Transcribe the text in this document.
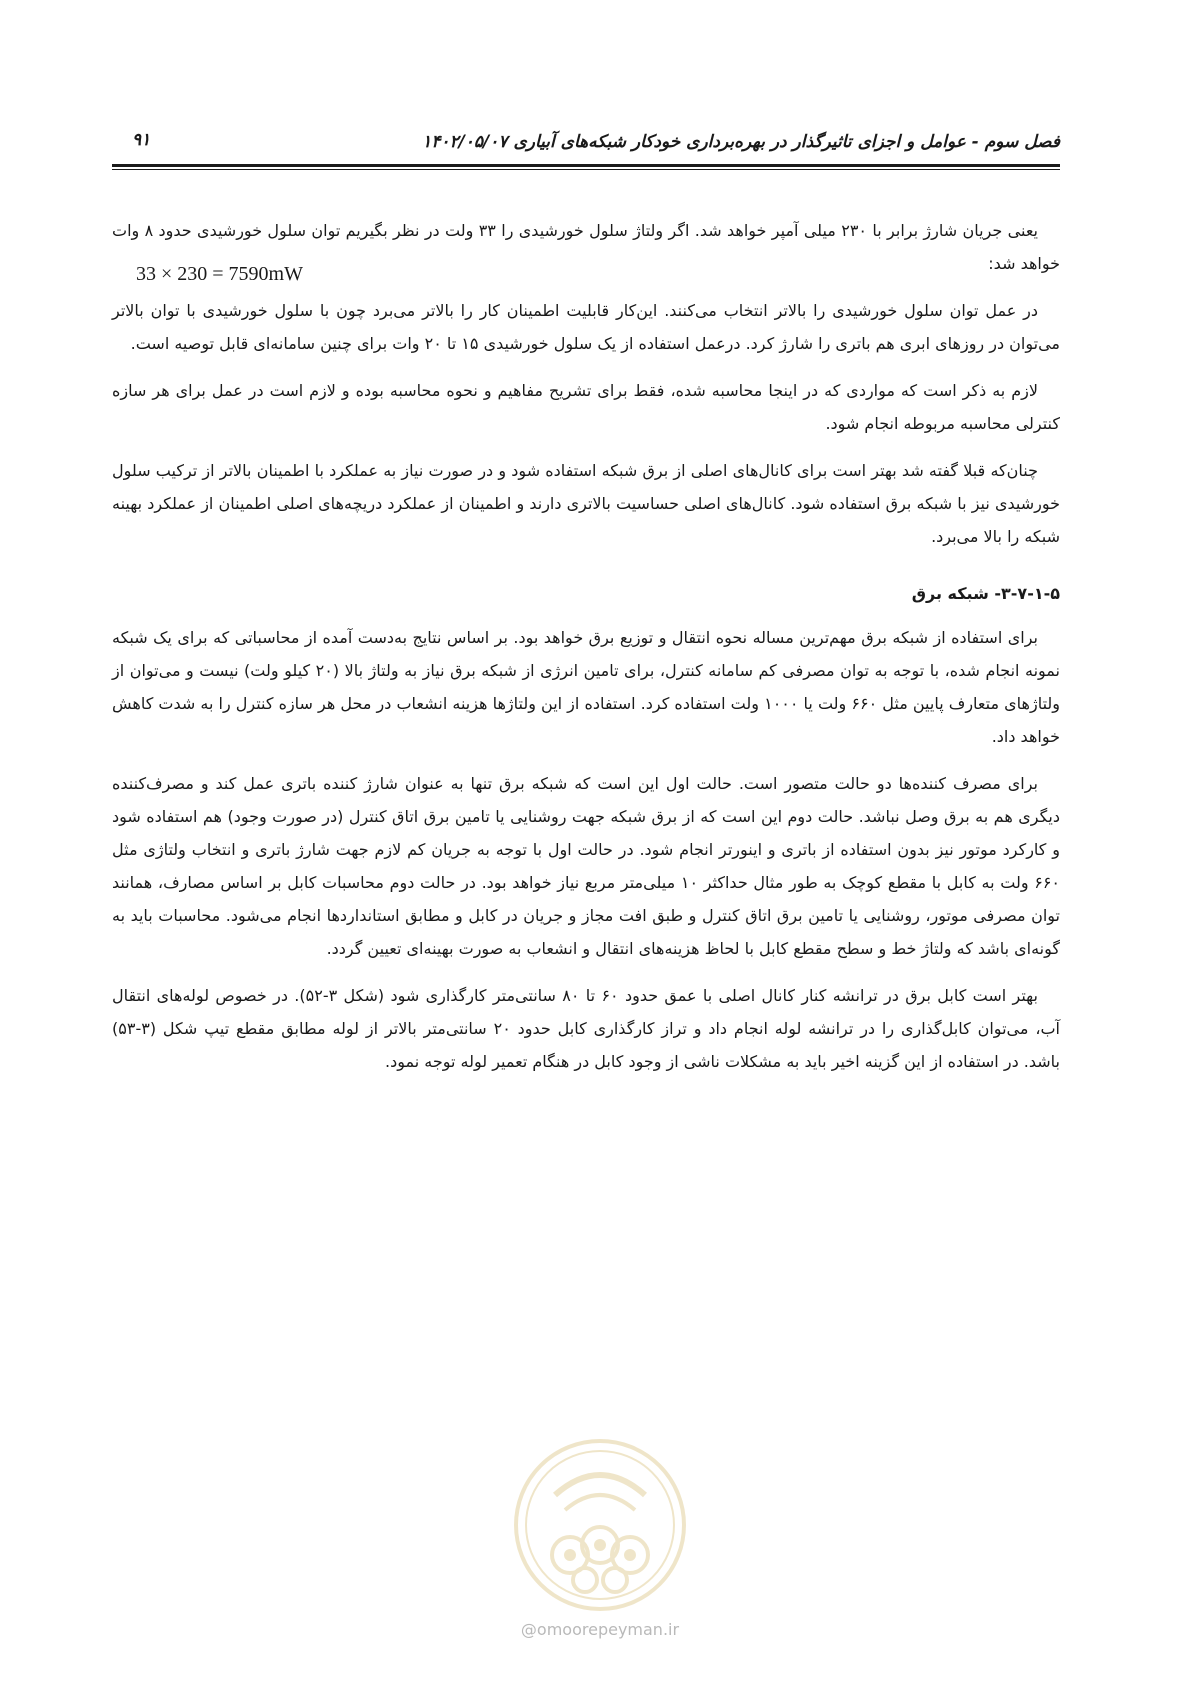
فصل سوم - عوامل و اجزای تاثیرگذار در بهره‌برداری خودکار شبکه‌های آبیاری ۱۴۰۲/۰۵/۰۷
۹۱
یعنی جریان شارژ برابر با ۲۳۰ میلی آمپر خواهد شد. اگر ولتاژ سلول خورشیدی را ۳۳ ولت در نظر بگیریم توان سلول خورشیدی حدود ۸ وات خواهد شد:
33 × 230 = 7590mW

در عمل توان سلول خورشیدی را بالاتر انتخاب می‌کنند. این‌کار قابلیت اطمینان کار را بالاتر می‌برد چون با سلول خورشیدی با توان بالاتر می‌توان در روزهای ابری هم باتری را شارژ کرد. درعمل استفاده از یک سلول خورشیدی ۱۵ تا ۲۰ وات برای چنین سامانه‌ای قابل توصیه است.

لازم به ذکر است که مواردی که در اینجا محاسبه شده، فقط برای تشریح مفاهیم و نحوه محاسبه بوده و لازم است در عمل برای هر سازه کنترلی محاسبه مربوطه انجام شود.

چنان‌که قبلا گفته شد بهتر است برای کانال‌های اصلی از برق شبکه استفاده شود و در صورت نیاز به عملکرد با اطمینان بالاتر از ترکیب سلول خورشیدی نیز با شبکه برق استفاده شود. کانال‌های اصلی حساسیت بالاتری دارند و اطمینان از عملکرد دریچه‌های اصلی اطمینان از عملکرد بهینه شبکه را بالا می‌برد.

۳-۷-۱-۵- شبکه برق

برای استفاده از شبکه برق مهم‌ترین مساله نحوه انتقال و توزیع برق خواهد بود. بر اساس نتایج به‌دست آمده از محاسباتی که برای یک شبکه نمونه انجام شده، با توجه به توان مصرفی کم سامانه کنترل، برای تامین انرژی از شبکه برق نیاز به ولتاژ بالا (۲۰ کیلو ولت) نیست و می‌توان از ولتاژهای متعارف پایین مثل ۶۶۰ ولت یا ۱۰۰۰ ولت استفاده کرد. استفاده از این ولتاژها هزینه انشعاب در محل هر سازه کنترل را به شدت کاهش خواهد داد.

برای مصرف کننده‌ها دو حالت متصور است. حالت اول این است که شبکه برق تنها به عنوان شارژ کننده باتری عمل کند و مصرف‌کننده دیگری هم به برق وصل نباشد. حالت دوم این است که از برق شبکه جهت روشنایی یا تامین برق اتاق کنترل (در صورت وجود) هم استفاده شود و کارکرد موتور نیز بدون استفاده از باتری و اینورتر انجام شود. در حالت اول با توجه به جریان کم لازم جهت شارژ باتری و انتخاب ولتاژی مثل ۶۶۰ ولت به کابل با مقطع کوچک به طور مثال حداکثر ۱۰ میلی‌متر مربع نیاز خواهد بود. در حالت دوم محاسبات کابل بر اساس مصارف، همانند توان مصرفی موتور، روشنایی یا تامین برق اتاق کنترل و طبق افت مجاز و جریان در کابل و مطابق استانداردها انجام می‌شود. محاسبات باید به گونه‌ای باشد که ولتاژ خط و سطح مقطع کابل با لحاظ هزینه‌های انتقال و انشعاب به صورت بهینه‌ای تعیین گردد.

بهتر است کابل برق در ترانشه کنار کانال اصلی با عمق حدود ۶۰ تا ۸۰ سانتی‌متر کارگذاری شود (شکل ۳-۵۲). در خصوص لوله‌های انتقال آب، می‌توان کابل‌گذاری را در ترانشه لوله انجام داد و تراز کارگذاری کابل حدود ۲۰ سانتی‌متر بالاتر از لوله مطابق مقطع تیپ شکل (۳-۵۳) باشد. در استفاده از این گزینه اخیر باید به مشکلات ناشی از وجود کابل در هنگام تعمیر لوله توجه نمود.

@omoorepeyman.ir
